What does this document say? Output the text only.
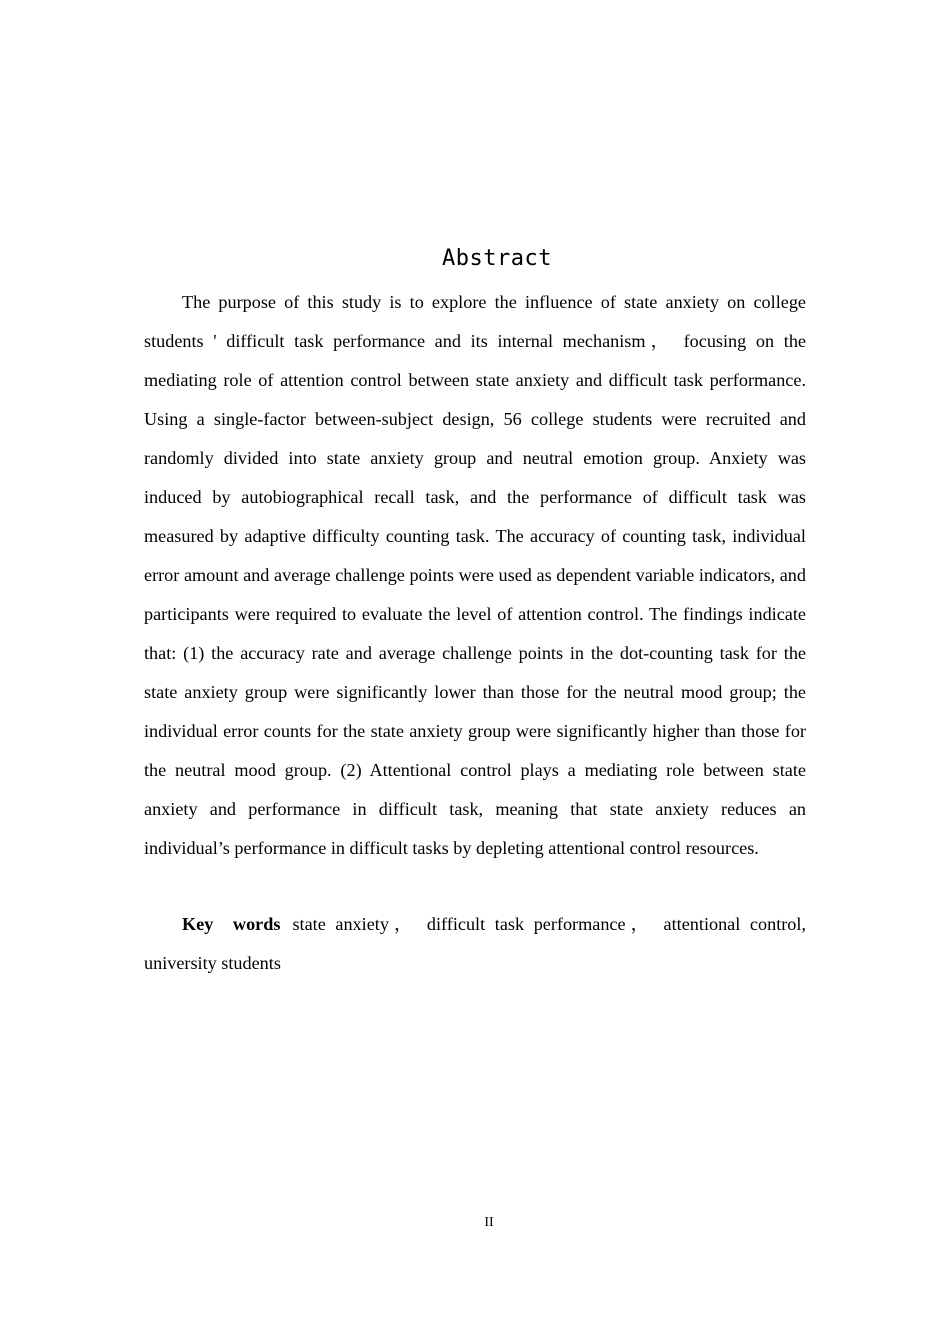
Abstract

The purpose of this study is to explore the influence of state anxiety on college students ' difficult task performance and its internal mechanism， focusing on the mediating role of attention control between state anxiety and difficult task performance. Using a single-factor between-subject design, 56 college students were recruited and randomly divided into state anxiety group and neutral emotion group. Anxiety was induced by autobiographical recall task, and the performance of difficult task was measured by adaptive difficulty counting task. The accuracy of counting task, individual error amount and average challenge points were used as dependent variable indicators, and participants were required to evaluate the level of attention control. The findings indicate that: (1) the accuracy rate and average challenge points in the dot-counting task for the state anxiety group were significantly lower than those for the neutral mood group; the individual error counts for the state anxiety group were significantly higher than those for the neutral mood group. (2) Attentional control plays a mediating role between state anxiety and performance in difficult task, meaning that state anxiety reduces an individual’s performance in difficult tasks by depleting attentional control resources.

Key words state anxiety， difficult task performance， attentional control, university students

II
